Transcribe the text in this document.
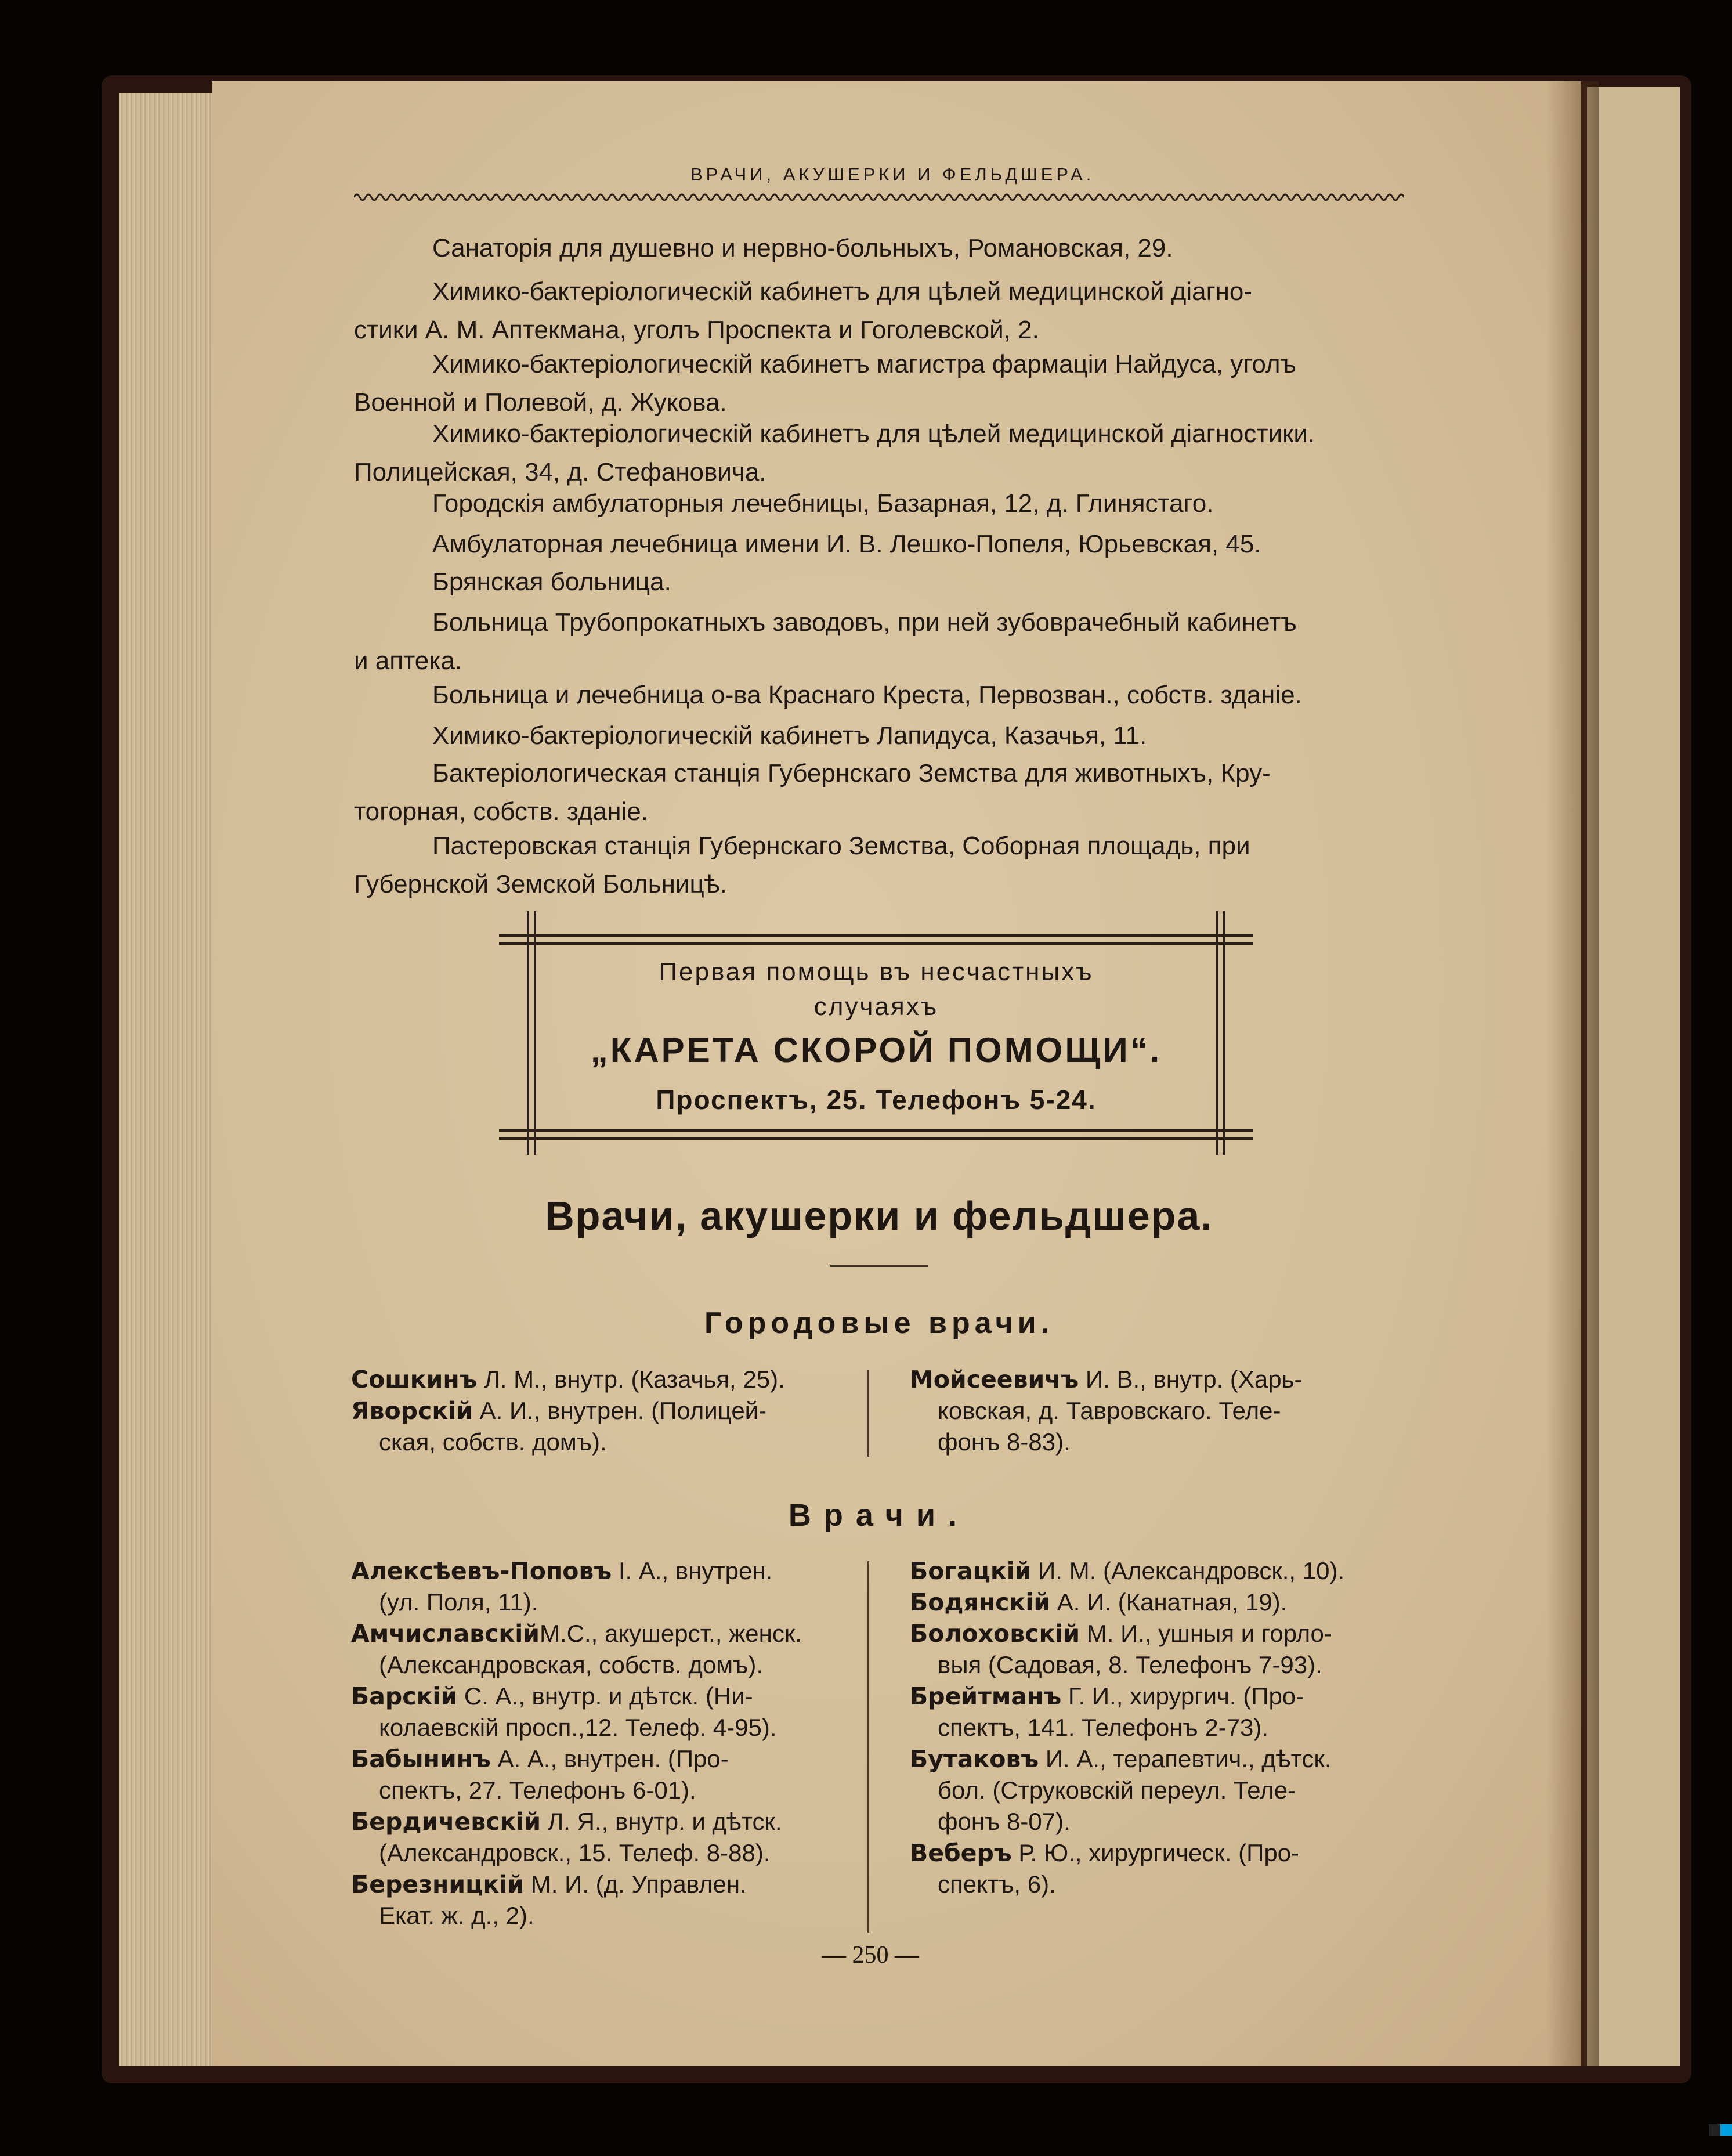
ВРАЧИ, АКУШЕРКИ И ФЕЛЬДШЕРА.
Санаторія для душевно и нервно-больныхъ, Романовская, 29.
Химико-бактеріологическій кабинетъ для цѣлей медицинской діагно-
стики А. М. Аптекмана, уголъ Проспекта и Гоголевской, 2.
Химико-бактеріологическій кабинетъ магистра фармаціи Найдуса, уголъ
Военной и Полевой, д. Жукова.
Химико-бактеріологическій кабинетъ для цѣлей медицинской діагностики.
Полицейская, 34, д. Стефановича.
Городскія амбулаторныя лечебницы, Базарная, 12, д. Глинястаго.
Амбулаторная лечебница имени И. В. Лешко-Попеля, Юрьевская, 45.
Брянская больница.
Больница Трубопрокатныхъ заводовъ, при ней зубоврачебный кабинетъ
и аптека.
Больница и лечебница о-ва Краснаго Креста, Первозван., собств. зданіе.
Химико-бактеріологическій кабинетъ Лапидуса, Казачья, 11.
Бактеріологическая станція Губернскаго Земства для животныхъ, Кру-
тогорная, собств. зданіе.
Пастеровская станція Губернскаго Земства, Соборная площадь, при
Губернской Земской Больницѣ.
Первая помощь въ несчастныхъ
случаяхъ
„КАРЕТА СКОРОЙ ПОМОЩИ“.
Проспектъ, 25. Телефонъ 5-24.
Врачи, акушерки и фельдшера.
Городовые врачи.
Сошкинъ Л. М., внутр. (Казачья, 25).
Яворскій А. И., внутрен. (Полицей-
ская, собств. домъ).
Мойсеевичъ И. В., внутр. (Харь-
ковская, д. Тавровскаго. Теле-
фонъ 8-83).
Врачи.
Алексѣевъ-Поповъ І. А., внутрен.
(ул. Поля, 11).
АмчиславскійМ.С., акушерст., женск.
(Александровская, собств. домъ).
Барскій С. А., внутр. и дѣтск. (Ни-
колаевскій просп.,12. Телеф. 4-95).
Бабынинъ А. А., внутрен. (Про-
спектъ, 27. Телефонъ 6-01).
Бердичевскій Л. Я., внутр. и дѣтск.
(Александровск., 15. Телеф. 8-88).
Березницкій М. И. (д. Управлен.
Екат. ж. д., 2).
Богацкій И. М. (Александровск., 10).
Бодянскій А. И. (Канатная, 19).
Болоховскій М. И., ушныя и горло-
выя (Садовая, 8. Телефонъ 7-93).
Брейтманъ Г. И., хирургич. (Про-
спектъ, 141. Телефонъ 2-73).
Бутаковъ И. А., терапевтич., дѣтск.
бол. (Струковскій переул. Теле-
фонъ 8-07).
Веберъ Р. Ю., хирургическ. (Про-
спектъ, 6).
— 250 —
